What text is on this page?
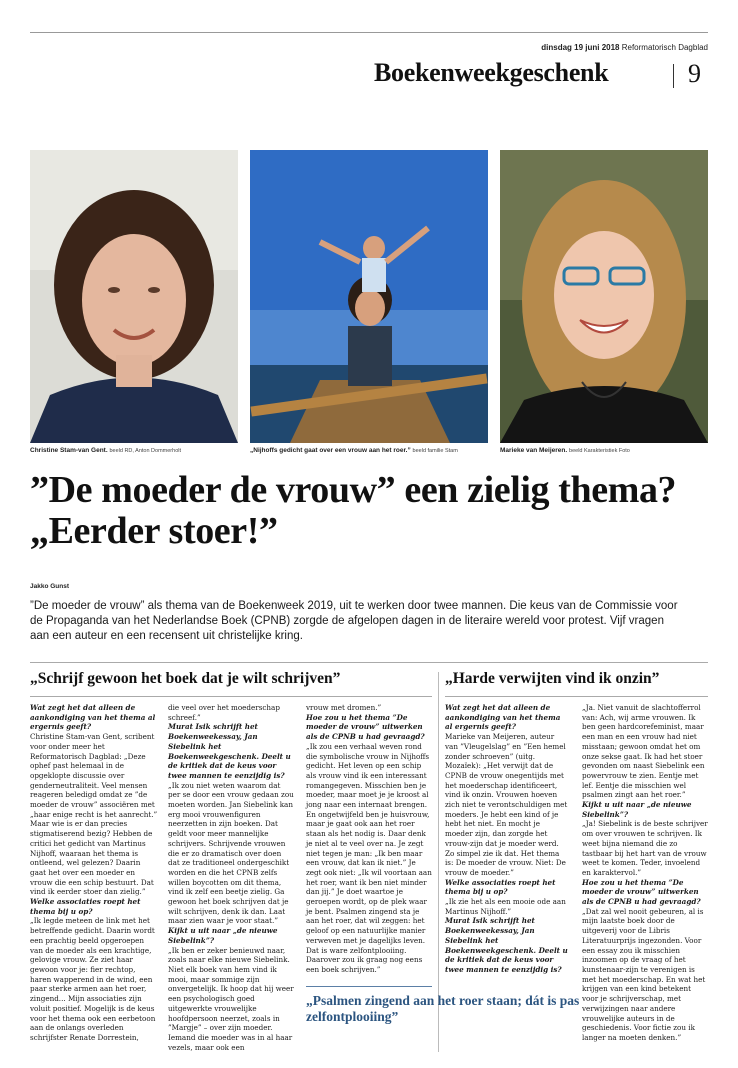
dinsdag 19 juni 2018 Reformatorisch Dagblad
Boekenweekgeschenk	9
Christine Stam-van Gent. beeld RD, Anton Dommerholt	„Nijhoffs gedicht gaat over een vrouw aan het roer.” beeld familie Stam	Marieke van Meijeren. beeld Karakteristiek Foto
”De moeder de vrouw” een zielig thema? „Eerder stoer!”
Jakko Gunst

”De moeder de vrouw” als thema van de Boekenweek 2019, uit te werken door twee mannen. Die keus van de Commissie voor de Propaganda van het Nederlandse Boek (CPNB) zorgde de afgelopen dagen in de literaire wereld voor protest. Vijf vragen aan een auteur en een recensent uit christelijke kring.

„Schrijf gewoon het boek dat je wilt schrijven”	„Harde verwijten vind ik onzin”

Wat zegt het dat alleen de aankondiging van het thema al ergernis geeft?

Christine Stam-van Gent, scribent voor onder meer het Reformatorisch Dagblad: „Deze ophef past helemaal in de opgeklopte discussie over genderneutraliteit. Veel mensen reageren beledigd omdat ze ”de moeder de vrouw” associëren met „haar enige recht is het aanrecht.” Maar wie is er dan precies stigmatiserend bezig? Hebben de critici het gedicht van Martinus Nijhoff, waaraan het thema is ontleend, wel gelezen? Daarin gaat het over een moeder en vrouw die een schip bestuurt. Dat vind ik eerder stoer dan zielig.”

Welke associaties roept het thema bij u op?

„Ik legde meteen de link met het betreffende gedicht. Daarin wordt een prachtig beeld opgeroepen van de moeder als een krachtige, gelovige vrouw. Ze ziet haar gewoon voor je: fier rechtop, haren wapperend in de wind, een paar sterke armen aan het roer, zingend... Mijn associaties zijn voluit positief. Mogelijk is de keus voor het thema ook een eerbetoon aan de onlangs overleden schrijfster Renate Dorrestein,

die veel over het moederschap schreef.”

Murat Isik schrijft het Boekenweekessay, Jan Siebelink het Boekenweekgeschenk. Deelt u de kritiek dat de keus voor twee mannen te eenzijdig is?

„Ik zou niet weten waarom dat per se door een vrouw gedaan zou moeten worden. Jan Siebelink kan erg mooi vrouwenfiguren neerzetten in zijn boeken. Dat geldt voor meer mannelijke schrijvers. Schrijvende vrouwen die er zo dramatisch over doen dat ze traditioneel ondergeschikt worden en die het CPNB zelfs willen boycotten om dit thema, vind ik zelf een beetje zielig. Ga gewoon het boek schrijven dat je wilt schrijven, denk ik dan. Laat maar zien waar je voor staat.”

Kijkt u uit naar „de nieuwe Siebelink”?

„Ik ben er zeker benieuwd naar, zoals naar elke nieuwe Siebelink. Niet elk boek van hem vind ik mooi, maar sommige zijn onvergetelijk. Ik hoop dat hij weer een psychologisch goed uitgewerkte vrouwelijke hoofdpersoon neerzet, zoals in ”Margje” – over zijn moeder. Iemand die moeder was in al haar vezels, maar ook een

vrouw met dromen.”

Hoe zou u het thema ”De moeder de vrouw” uitwerken als de CPNB u had gevraagd?

„Ik zou een verhaal weven rond die symbolische vrouw in Nijhoffs gedicht. Het leven op een schip als vrouw vind ik een interessant romangegeven. Misschien ben je moeder, maar moet je je kroost al jong naar een internaat brengen. En ongetwijfeld ben je huisvrouw, maar je gaat ook aan het roer staan als het nodig is. Daar denk je niet al te veel over na. Je zegt niet tegen je man: „Ik ben maar een vrouw, dat kan ik niet.” Je zegt ook niet: „Ik wil voortaan aan het roer, want ik ben niet minder dan jij.” Je doet waartoe je geroepen wordt, op de plek waar je bent. Psalmen zingend sta je aan het roer, dat wil zeggen: het geloof op een natuurlijke manier verweven met je dagelijks leven. Dat is ware zelfontplooiing. Daarover zou ik graag nog eens een boek schrijven.”

„Psalmen zingend aan het roer staan; dát is pas zelfontplooiing”

Wat zegt het dat alleen de aankondiging van het thema al ergernis geeft?

Marieke van Meijeren, auteur van ”Vleugelslag” en ”Een hemel zonder schroeven” (uitg. Mozaïek): „Het verwijt dat de CPNB de vrouw onegentijds met het moederschap identificeert, vind ik onzin. Vrouwen hoeven zich niet te verontschuldigen met moeders. Je hebt een kind of je hebt het niet. En mocht je moeder zijn, dan zorgde het vrouw-zijn dat je moeder werd. Zo simpel zie ik dat. Het thema is: De moeder de vrouw. Niet: De vrouw de moeder.”

Welke associaties roept het thema bij u op?

„Ik zie het als een mooie ode aan Martinus Nijhoff.”

Murat Isik schrijft het Boekenweekessay, Jan Siebelink het Boekenweekgeschenk. Deelt u de kritiek dat de keus voor twee mannen te eenzijdig is?

„Ja. Niet vanuit de slachtofferrol van: Ach, wij arme vrouwen. Ik ben geen hardcorefeminist, maar een man en een vrouw had niet misstaan; gewoon omdat het om onze sekse gaat. Ik had het stoer gevonden om naast Siebelink een powervrouw te zien. Eentje met lef. Eentje die misschien wel psalmen zingt aan het roer.”

Kijkt u uit naar „de nieuwe Siebelink”?

„Ja! Siebelink is de beste schrijver om over vrouwen te schrijven. Ik weet bijna niemand die zo tastbaar bij het hart van de vrouw weet te komen. Teder, invoelend en karaktervol.”

Hoe zou u het thema ”De moeder de vrouw” uitwerken als de CPNB u had gevraagd?

„Dat zal wel nooit gebeuren, al is mijn laatste boek door de uitgeverij voor de Libris Literatuurprijs ingezonden. Voor een essay zou ik misschien inzoomen op de vraag of het kunstenaar-zijn te verenigen is met het moederschap. En wat het krijgen van een kind betekent voor je schrijverschap, met verwijzingen naar andere vrouwelijke auteurs in de geschiedenis. Voor fictie zou ik langer na moeten denken.”
